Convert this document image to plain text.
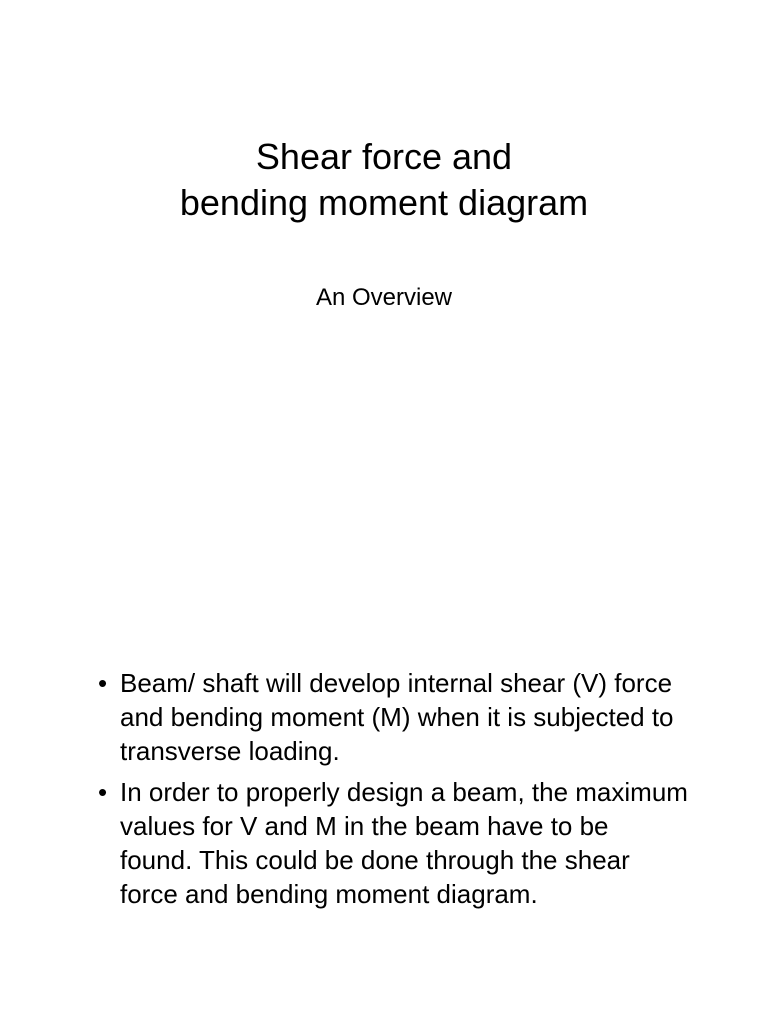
Shear force and
bending moment diagram
An Overview
• Beam/ shaft will develop internal shear (V) force and bending moment (M) when it is subjected to transverse loading.
• In order to properly design a beam, the maximum values for V and M in the beam have to be found. This could be done through the shear force and bending moment diagram.
